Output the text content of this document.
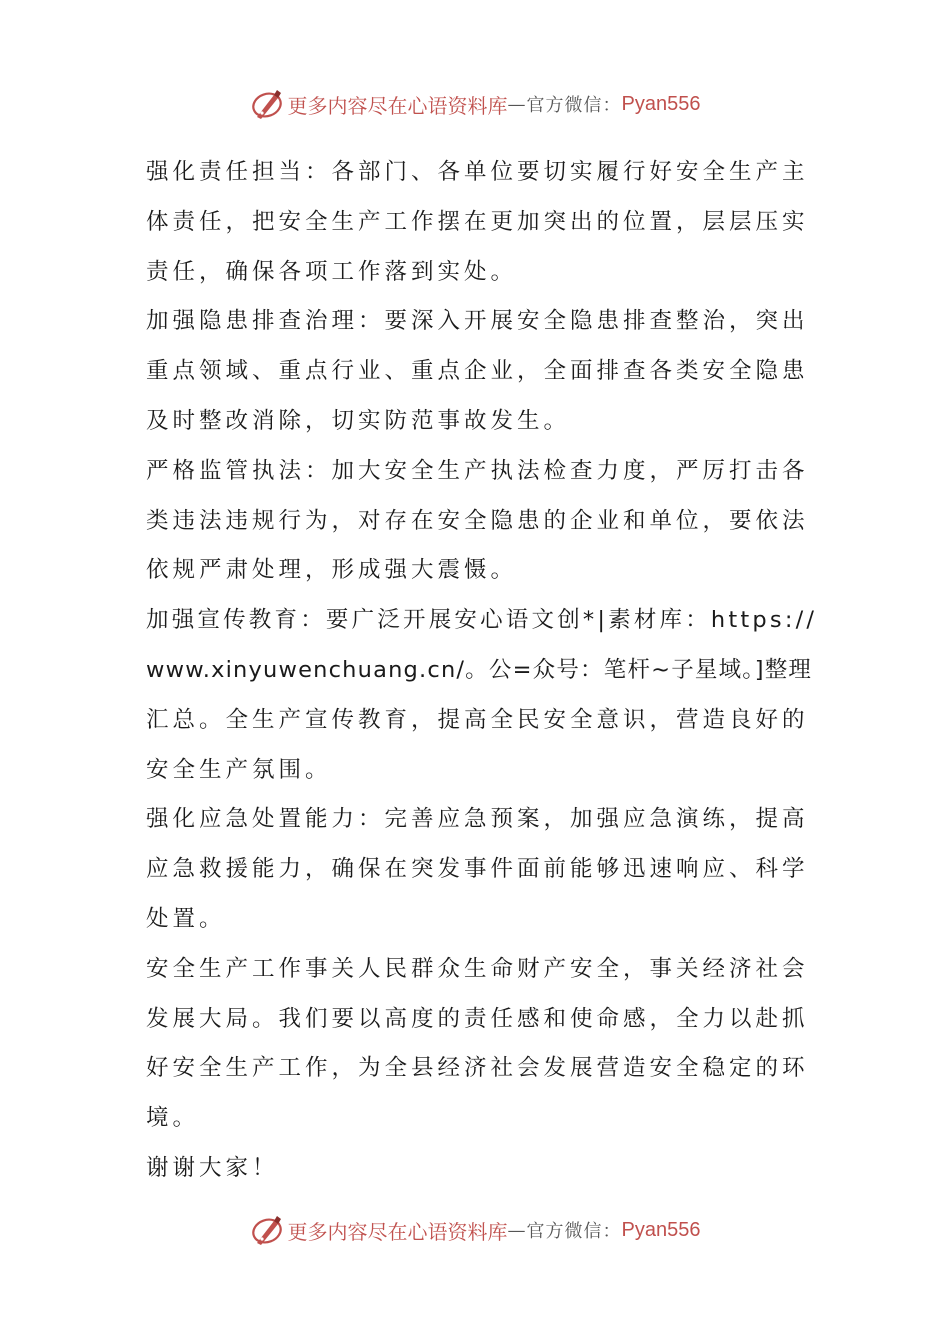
更多内容尽在心语资料库 — 官方微信： Pyan556
强化责任担当：各部门、各单位要切实履行好安全生产主
体责任，把安全生产工作摆在更加突出的位置，层层压实
责任，确保各项工作落到实处。
加强隐患排查治理：要深入开展安全隐患排查整治，突出
重点领域、重点行业、重点企业，全面排查各类安全隐患
及时整改消除，切实防范事故发生。
严格监管执法：加大安全生产执法检查力度，严厉打击各
类违法违规行为，对存在安全隐患的企业和单位，要依法
依规严肃处理，形成强大震慑。
加强宣传教育：要广泛开展安心语文创*|素材库：https://
www.xinyuwenchuang.cn/。公=众号：笔杆~子星域。]整理
汇总。全生产宣传教育，提高全民安全意识，营造良好的
安全生产氛围。
强化应急处置能力：完善应急预案，加强应急演练，提高
应急救援能力，确保在突发事件面前能够迅速响应、科学
处置。
安全生产工作事关人民群众生命财产安全，事关经济社会
发展大局。我们要以高度的责任感和使命感，全力以赴抓
好安全生产工作，为全县经济社会发展营造安全稳定的环
境。
谢谢大家！
更多内容尽在心语资料库 — 官方微信： Pyan556
